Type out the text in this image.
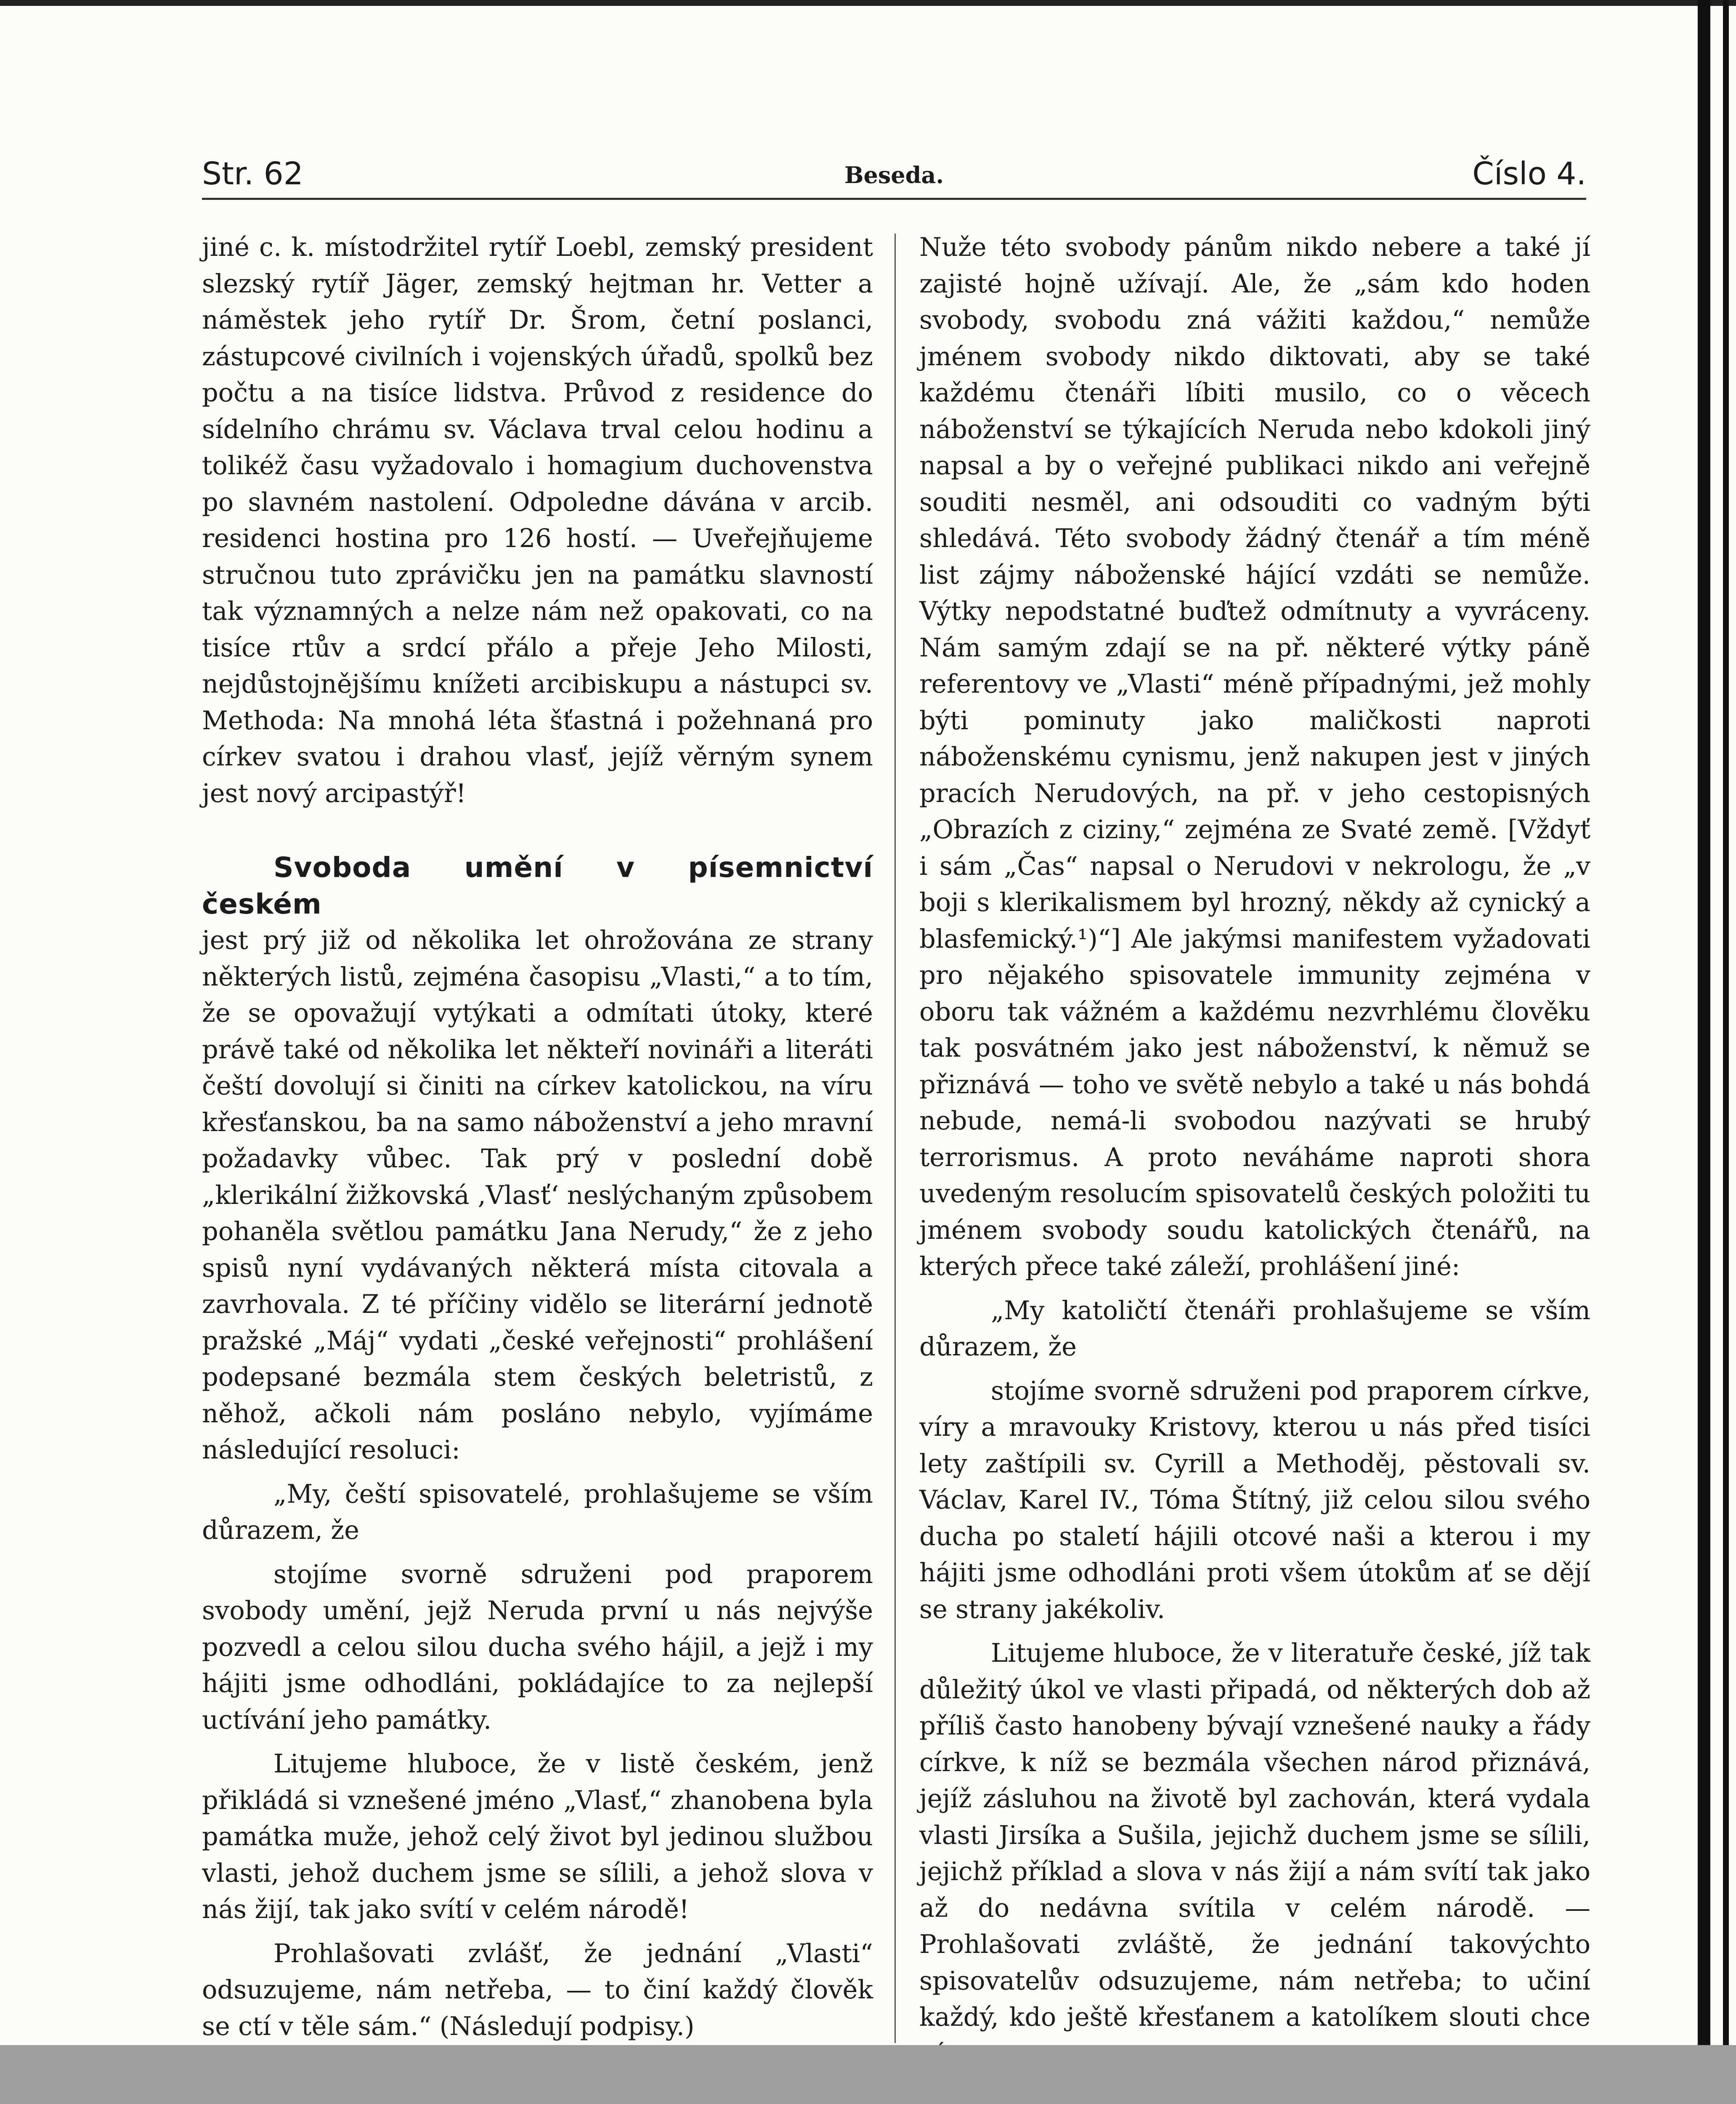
Str. 62	Beseda.	Číslo 4.

jiné c. k. místodržitel rytíř Loebl, zemský president slezský rytíř Jäger, zemský hejtman hr. Vetter a náměstek jeho rytíř Dr. Šrom, četní poslanci, zástupcové civilních i vojenských úřadů, spolků bez počtu a na tisíce lidstva. Průvod z residence do sídelního chrámu sv. Václava trval celou hodinu a tolikéž času vyžadovalo i homagium duchovenstva po slavném nastolení. Odpoledne dávána v arcib. residenci hostina pro 126 hostí. — Uveřejňujeme stručnou tuto zprávičku jen na památku slavností tak významných a nelze nám než opakovati, co na tisíce rtův a srdcí přálo a přeje Jeho Milosti, nejdůstojnějšímu knížeti arcibiskupu a nástupci sv. Methoda: Na mnohá léta šťastná i požehnaná pro církev svatou i drahou vlasť, jejíž věrným synem jest nový arcipastýř!

Svoboda umění v písemnictví českém

jest prý již od několika let ohrožována ze strany některých listů, zejména časopisu „Vlasti,“ a to tím, že se opovažují vytýkati a odmítati útoky, které právě také od několika let někteří novináři a literáti čeští dovolují si činiti na církev katolickou, na víru křesťanskou, ba na samo náboženství a jeho mravní požadavky vůbec. Tak prý v poslední době „klerikální žižkovská ‚Vlasť‘ neslýchaným způsobem pohaněla světlou památku Jana Nerudy,“ že z jeho spisů nyní vydávaných některá místa citovala a zavrhovala. Z té příčiny vidělo se literární jednotě pražské „Máj“ vydati „české veřejnosti“ prohlášení podepsané bezmála stem českých beletristů, z něhož, ačkoli nám posláno nebylo, vyjímáme následující resoluci:

„My, čeští spisovatelé, prohlašujeme se vším důrazem, že

stojíme svorně sdruženi pod praporem svobody umění, jejž Neruda první u nás nejvýše pozvedl a celou silou ducha svého hájil, a jejž i my hájiti jsme odhodláni, pokládajíce to za nejlepší uctívání jeho památky.

Litujeme hluboce, že v listě českém, jenž přikládá si vznešené jméno „Vlasť,“ zhanobena byla památka muže, jehož celý život byl jedinou službou vlasti, jehož duchem jsme se sílili, a jehož slova v nás žijí, tak jako svítí v celém národě!

Prohlašovati zvlášť, že jednání „Vlasti“ odsuzujeme, nám netřeba, — to činí každý člověk se ctí v těle sám.“ (Následují podpisy.)

Nuže této svobody pánům nikdo nebere a také jí zajisté hojně užívají. Ale, že „sám kdo hoden svobody, svobodu zná vážiti každou,“ nemůže jménem svobody nikdo diktovati, aby se také každému čtenáři líbiti musilo, co o věcech náboženství se týkajících Neruda nebo kdokoli jiný napsal a by o veřejné publikaci nikdo ani veřejně souditi nesměl, ani odsouditi co vadným býti shledává. Této svobody žádný čtenář a tím méně list zájmy náboženské hájící vzdáti se nemůže. Výtky nepodstatné buďtež odmítnuty a vyvráceny. Nám samým zdají se na př. některé výtky páně referentovy ve „Vlasti“ méně případnými, jež mohly býti pominuty jako maličkosti naproti náboženskému cynismu, jenž nakupen jest v jiných pracích Nerudových, na př. v jeho cestopisných „Obrazích z ciziny,“ zejména ze Svaté země. [Vždyť i sám „Čas“ napsal o Nerudovi v nekrologu, že „v boji s klerikalismem byl hrozný, někdy až cynický a blasfemický.¹)“] Ale jakýmsi manifestem vyžadovati pro nějakého spisovatele immunity zejména v oboru tak vážném a každému nezvrhlému člověku tak posvátném jako jest náboženství, k němuž se přiznává — toho ve světě nebylo a také u nás bohdá nebude, nemá-li svobodou nazývati se hrubý terrorismus. A proto neváháme naproti shora uvedeným resolucím spisovatelů českých položiti tu jménem svobody soudu katolických čtenářů, na kterých přece také záleží, prohlášení jiné:

„My katoličtí čtenáři prohlašujeme se vším důrazem, že

stojíme svorně sdruženi pod praporem církve, víry a mravouky Kristovy, kterou u nás před tisíci lety zaštípili sv. Cyrill a Methoděj, pěstovali sv. Václav, Karel IV., Tóma Štítný, již celou silou svého ducha po staletí hájili otcové naši a kterou i my hájiti jsme odhodláni proti všem útokům ať se dějí se strany jakékoliv.

Litujeme hluboce, že v literatuře české, jíž tak důležitý úkol ve vlasti připadá, od některých dob až příliš často hanobeny bývají vznešené nauky a řády církve, k níž se bezmála všechen národ přiznává, jejíž zásluhou na životě byl zachován, která vydala vlasti Jirsíka a Sušila, jejichž duchem jsme se sílili, jejichž příklad a slova v nás žijí a nám svítí tak jako až do nedávna svítila v celém národě. — Prohlašovati zvláště, že jednání takovýchto spisovatelův odsuzujeme, nám netřeba; to učiní každý, kdo ještě křesťanem a katolíkem slouti chce
